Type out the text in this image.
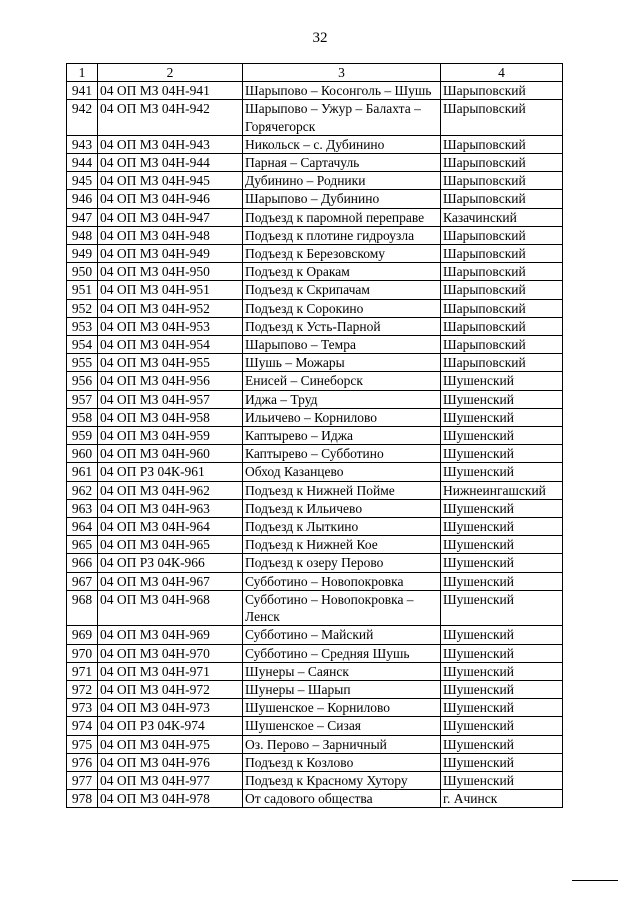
32
1	2	3	4
941	04 ОП МЗ 04Н-941	Шарыпово – Косонголь – Шушь	Шарыповский
942	04 ОП МЗ 04Н-942	Шарыпово – Ужур – Балахта – Горячегорск	Шарыповский
943	04 ОП МЗ 04Н-943	Никольск – с. Дубинино	Шарыповский
944	04 ОП МЗ 04Н-944	Парная – Сартачуль	Шарыповский
945	04 ОП МЗ 04Н-945	Дубинино – Родники	Шарыповский
946	04 ОП МЗ 04Н-946	Шарыпово – Дубинино	Шарыповский
947	04 ОП МЗ 04Н-947	Подъезд к паромной переправе	Казачинский
948	04 ОП МЗ 04Н-948	Подъезд к плотине гидроузла	Шарыповский
949	04 ОП МЗ 04Н-949	Подъезд к Березовскому	Шарыповский
950	04 ОП МЗ 04Н-950	Подъезд к Оракам	Шарыповский
951	04 ОП МЗ 04Н-951	Подъезд к Скрипачам	Шарыповский
952	04 ОП МЗ 04Н-952	Подъезд к Сорокино	Шарыповский
953	04 ОП МЗ 04Н-953	Подъезд к Усть-Парной	Шарыповский
954	04 ОП МЗ 04Н-954	Шарыпово – Темра	Шарыповский
955	04 ОП МЗ 04Н-955	Шушь – Можары	Шарыповский
956	04 ОП МЗ 04Н-956	Енисей – Синеборск	Шушенский
957	04 ОП МЗ 04Н-957	Иджа – Труд	Шушенский
958	04 ОП МЗ 04Н-958	Ильичево – Корнилово	Шушенский
959	04 ОП МЗ 04Н-959	Каптырево – Иджа	Шушенский
960	04 ОП МЗ 04Н-960	Каптырево – Субботино	Шушенский
961	04 ОП РЗ 04К-961	Обход Казанцево	Шушенский
962	04 ОП МЗ 04Н-962	Подъезд к Нижней Пойме	Нижнеингашский
963	04 ОП МЗ 04Н-963	Подъезд к Ильичево	Шушенский
964	04 ОП МЗ 04Н-964	Подъезд к Лыткино	Шушенский
965	04 ОП МЗ 04Н-965	Подъезд к Нижней Кое	Шушенский
966	04 ОП РЗ 04К-966	Подъезд к озеру Перово	Шушенский
967	04 ОП МЗ 04Н-967	Субботино – Новопокровка	Шушенский
968	04 ОП МЗ 04Н-968	Субботино – Новопокровка – Ленск	Шушенский
969	04 ОП МЗ 04Н-969	Субботино – Майский	Шушенский
970	04 ОП МЗ 04Н-970	Субботино – Средняя Шушь	Шушенский
971	04 ОП МЗ 04Н-971	Шунеры – Саянск	Шушенский
972	04 ОП МЗ 04Н-972	Шунеры – Шарып	Шушенский
973	04 ОП МЗ 04Н-973	Шушенское – Корнилово	Шушенский
974	04 ОП РЗ 04К-974	Шушенское – Сизая	Шушенский
975	04 ОП МЗ 04Н-975	Оз. Перово – Зарничный	Шушенский
976	04 ОП МЗ 04Н-976	Подъезд к Козлово	Шушенский
977	04 ОП МЗ 04Н-977	Подъезд к Красному Хутору	Шушенский
978	04 ОП МЗ 04Н-978	От садового общества	г. Ачинск
